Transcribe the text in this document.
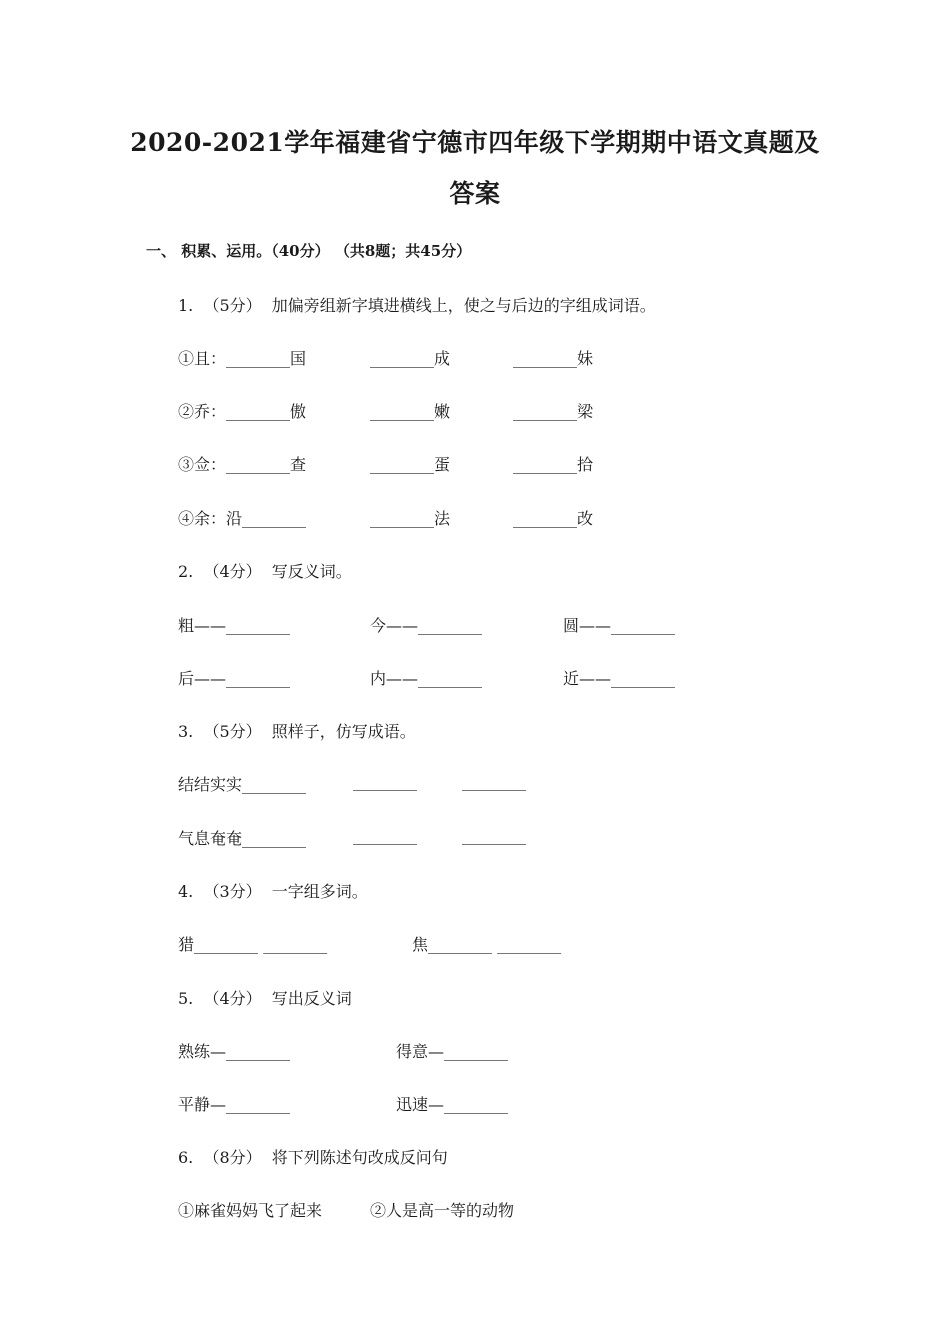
2020-2021学年福建省宁德市四年级下学期期中语文真题及
答案
一、 积累、运用。（40分） （共8题；共45分）
1.  （5分）  加偏旁组新字填进横线上，使之与后边的字组成词语。
①且：________国	________成	________妹
②乔：________傲	________嫩	________梁
③佥：________查	________蛋	________拾
④余：沿________	________法	________改
2.  （4分）  写反义词。
粗——________	今——________	圆——________
后——________	内——________	近——________
3.  （5分）  照样子，仿写成语。
结结实实________	________	________
气息奄奄________	________	________
4.  （3分）  一字组多词。
猎________ ________	焦________ ________
5.  （4分）  写出反义词
熟练—________	得意—________
平静—________	迅速—________
6.  （8分）  将下列陈述句改成反问句
①麻雀妈妈飞了起来	②人是高一等的动物
